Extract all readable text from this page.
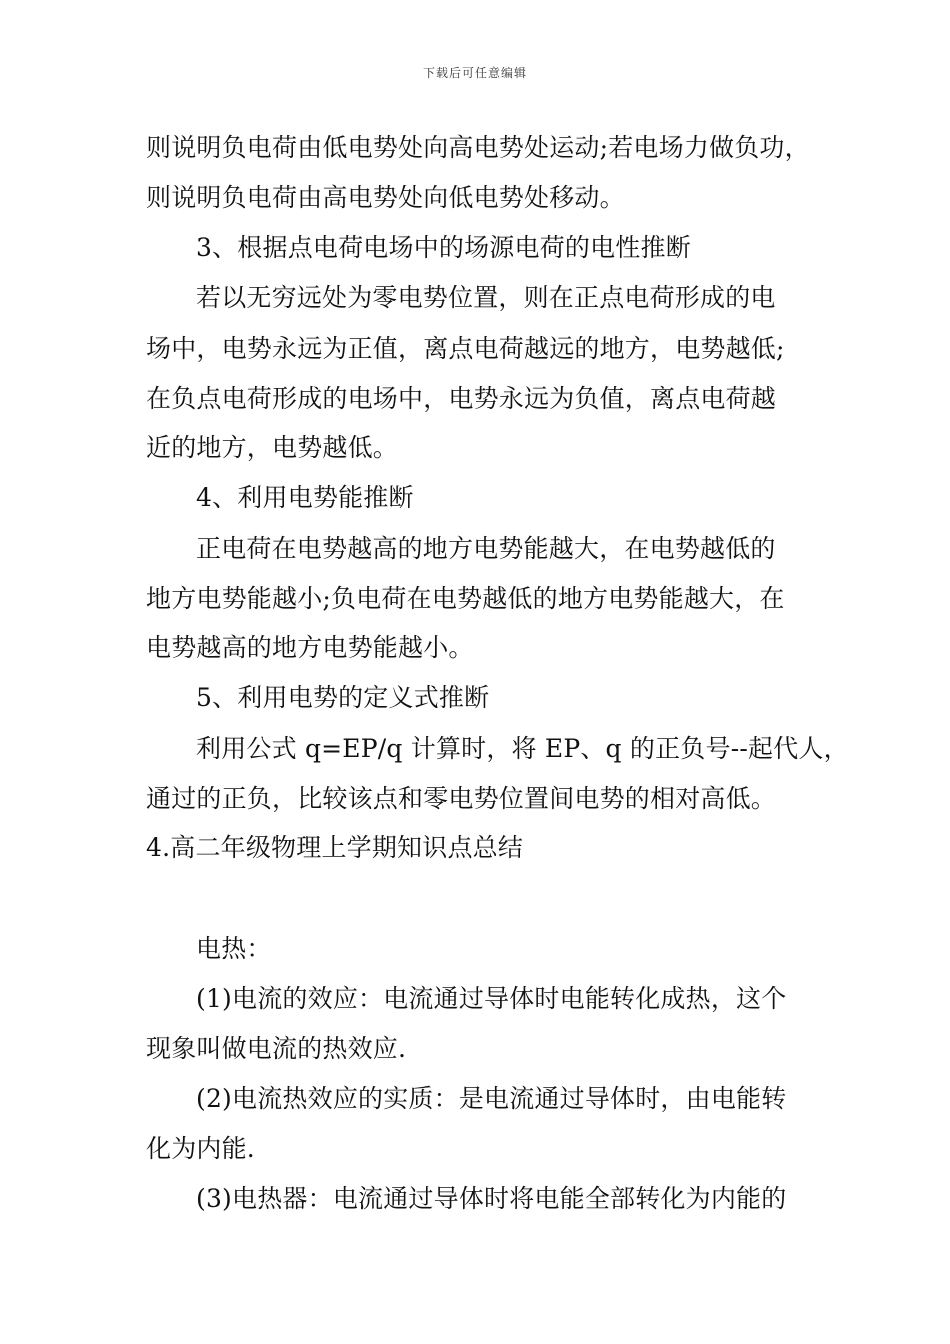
下载后可任意编辑
则说明负电荷由低电势处向高电势处运动;若电场力做负功，
则说明负电荷由高电势处向低电势处移动。
3、根据点电荷电场中的场源电荷的电性推断
若以无穷远处为零电势位置，则在正点电荷形成的电
场中，电势永远为正值，离点电荷越远的地方，电势越低;
在负点电荷形成的电场中，电势永远为负值，离点电荷越
近的地方，电势越低。
4、利用电势能推断
正电荷在电势越高的地方电势能越大，在电势越低的
地方电势能越小;负电荷在电势越低的地方电势能越大，在
电势越高的地方电势能越小。
5、利用电势的定义式推断
利用公式 q=EP/q 计算时，将 EP、q 的正负号--起代人，
通过的正负，比较该点和零电势位置间电势的相对高低。
4.高二年级物理上学期知识点总结
电热：
(1)电流的效应：电流通过导体时电能转化成热，这个
现象叫做电流的热效应.
(2)电流热效应的实质：是电流通过导体时，由电能转
化为内能.
(3)电热器：电流通过导体时将电能全部转化为内能的
